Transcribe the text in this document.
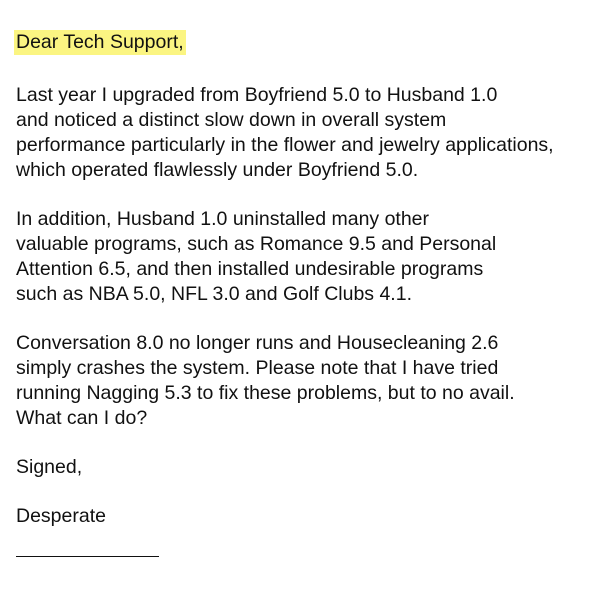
Dear Tech Support,

Last year I upgraded from Boyfriend 5.0 to Husband 1.0
and noticed a distinct slow down in overall system
performance particularly in the flower and jewelry applications,
which operated flawlessly under Boyfriend 5.0.

In addition, Husband 1.0 uninstalled many other
valuable programs, such as Romance 9.5 and Personal
Attention 6.5, and then installed undesirable programs
such as NBA 5.0, NFL 3.0 and Golf Clubs 4.1.

Conversation 8.0 no longer runs and Housecleaning 2.6
simply crashes the system. Please note that I have tried
running Nagging 5.3 to fix these problems, but to no avail.
What can I do?

Signed,

Desperate
